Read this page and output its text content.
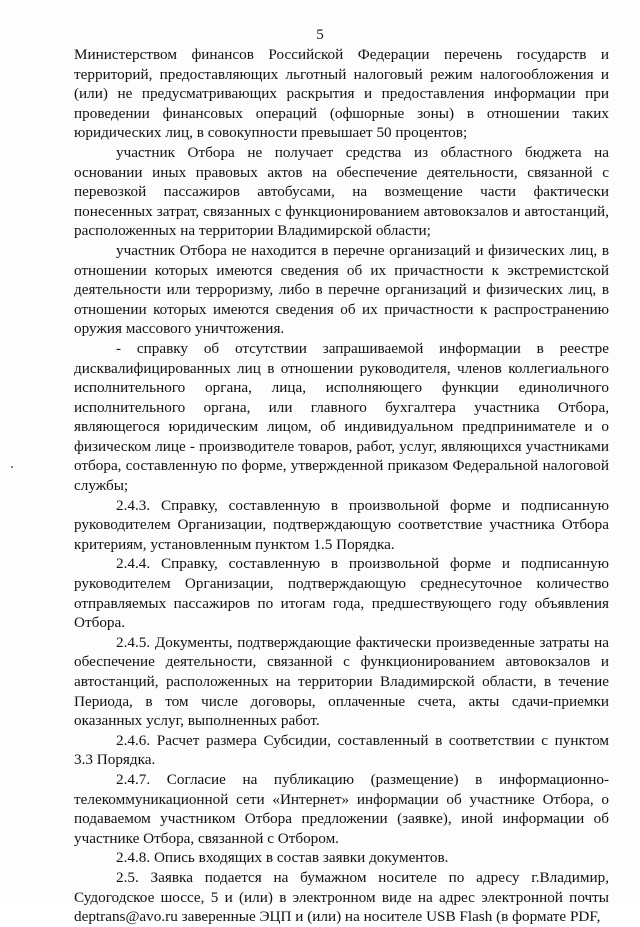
5

Министерством финансов Российской Федерации перечень государств и территорий, предоставляющих льготный налоговый режим налогообложения и (или) не предусматривающих раскрытия и предоставления информации при проведении финансовых операций (офшорные зоны) в отношении таких юридических лиц, в совокупности превышает 50 процентов;

участник Отбора не получает средства из областного бюджета на основании иных правовых актов на обеспечение деятельности, связанной с перевозкой пассажиров автобусами, на возмещение части фактически понесенных затрат, связанных с функционированием автовокзалов и автостанций, расположенных на территории Владимирской области;

участник Отбора не находится в перечне организаций и физических лиц, в отношении которых имеются сведения об их причастности к экстремистской деятельности или терроризму, либо в перечне организаций и физических лиц, в отношении которых имеются сведения об их причастности к распространению оружия массового уничтожения.

- справку об отсутствии запрашиваемой информации в реестре дисквалифицированных лиц в отношении руководителя, членов коллегиального исполнительного органа, лица, исполняющего функции единоличного исполнительного органа, или главного бухгалтера участника Отбора, являющегося юридическим лицом, об индивидуальном предпринимателе и о физическом лице - производителе товаров, работ, услуг, являющихся участниками отбора, составленную по форме, утвержденной приказом Федеральной налоговой службы;

2.4.3. Справку, составленную в произвольной форме и подписанную руководителем Организации, подтверждающую соответствие участника Отбора критериям, установленным пунктом 1.5 Порядка.

2.4.4. Справку, составленную в произвольной форме и подписанную руководителем Организации, подтверждающую среднесуточное количество отправляемых пассажиров по итогам года, предшествующего году объявления Отбора.

2.4.5. Документы, подтверждающие фактически произведенные затраты на обеспечение деятельности, связанной с функционированием автовокзалов и автостанций, расположенных на территории Владимирской области, в течение Периода, в том числе договоры, оплаченные счета, акты сдачи-приемки оказанных услуг, выполненных работ.

2.4.6. Расчет размера Субсидии, составленный в соответствии с пунктом 3.3 Порядка.

2.4.7. Согласие на публикацию (размещение) в информационно-телекоммуникационной сети «Интернет» информации об участнике Отбора, о подаваемом участником Отбора предложении (заявке), иной информации об участнике Отбора, связанной с Отбором.

2.4.8. Опись входящих в состав заявки документов.

2.5. Заявка подается на бумажном носителе по адресу г.Владимир, Судогодское шоссе, 5 и (или) в электронном виде на адрес электронной почты deptrans@avo.ru заверенные ЭЦП и (или) на носителе USB Flash (в формате PDF,
